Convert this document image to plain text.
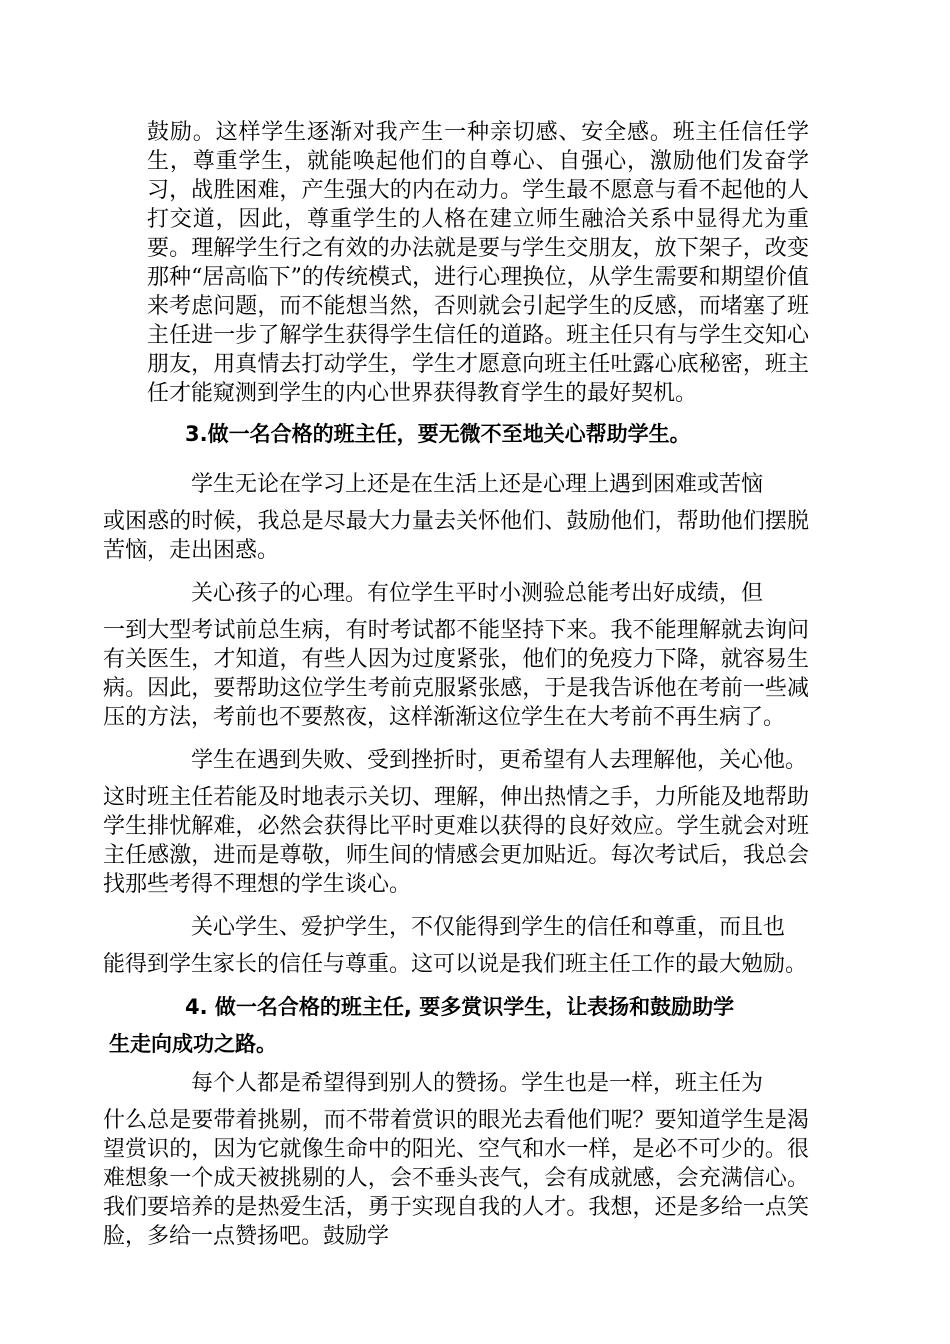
鼓励。这样学生逐渐对我产生一种亲切感、安全感。班主任信任学生，尊重学生，就能唤起他们的自尊心、自强心，激励他们发奋学习，战胜困难，产生强大的内在动力。学生最不愿意与看不起他的人打交道，因此，尊重学生的人格在建立师生融洽关系中显得尤为重要。理解学生行之有效的办法就是要与学生交朋友，放下架子，改变那种“居高临下”的传统模式，进行心理换位，从学生需要和期望价值来考虑问题，而不能想当然，否则就会引起学生的反感，而堵塞了班主任进一步了解学生获得学生信任的道路。班主任只有与学生交知心朋友，用真情去打动学生，学生才愿意向班主任吐露心底秘密，班主任才能窥测到学生的内心世界获得教育学生的最好契机。

3.做一名合格的班主任，要无微不至地关心帮助学生。

学生无论在学习上还是在生活上还是心理上遇到困难或苦恼
或困惑的时候，我总是尽最大力量去关怀他们、鼓励他们，帮助他们摆脱苦恼，走出困惑。

关心孩子的心理。有位学生平时小测验总能考出好成绩，但
一到大型考试前总生病，有时考试都不能坚持下来。我不能理解就去询问有关医生，才知道，有些人因为过度紧张，他们的免疫力下降，就容易生病。因此，要帮助这位学生考前克服紧张感，于是我告诉他在考前一些减压的方法，考前也不要熬夜，这样渐渐这位学生在大考前不再生病了。

学生在遇到失败、受到挫折时，更希望有人去理解他，关心他。
这时班主任若能及时地表示关切、理解，伸出热情之手，力所能及地帮助学生排忧解难，必然会获得比平时更难以获得的良好效应。学生就会对班主任感激，进而是尊敬，师生间的情感会更加贴近。每次考试后，我总会找那些考得不理想的学生谈心。

关心学生、爱护学生，不仅能得到学生的信任和尊重，而且也
能得到学生家长的信任与尊重。这可以说是我们班主任工作的最大勉励。

4. 做一名合格的班主任, 要多赏识学生，让表扬和鼓励助学
生走向成功之路。

每个人都是希望得到别人的赞扬。学生也是一样，班主任为
什么总是要带着挑剔，而不带着赏识的眼光去看他们呢？要知道学生是渴望赏识的，因为它就像生命中的阳光、空气和水一样，是必不可少的。很难想象一个成天被挑剔的人，会不垂头丧气，会有成就感，会充满信心。我们要培养的是热爱生活，勇于实现自我的人才。我想，还是多给一点笑脸，多给一点赞扬吧。鼓励学
